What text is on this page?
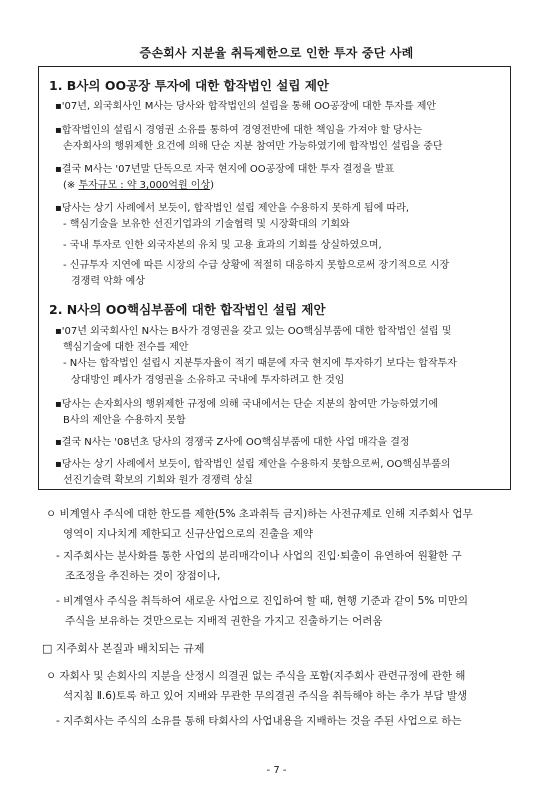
증손회사 지분율 취득제한으로 인한 투자 중단 사례
1. B사의 OO공장 투자에 대한 합작법인 설립 제안
▪'07년, 외국회사인 M사는 당사와 합작법인의 설립을 통해 OO공장에 대한 투자를 제안
▪합작법인의 설립시 경영권 소유를 통하여 경영전반에 대한 책임을 가져야 할 당사는
손자회사의 행위제한 요건에 의해 단순 지분 참여만 가능하였기에 합작법인 설립을 중단
▪결국 M사는 '07년말 단독으로 자국 현지에 OO공장에 대한 투자 결정을 발표
(※ 투자규모 : 약 3,000억원 이상)
▪당사는 상기 사례에서 보듯이, 합작법인 설립 제안을 수용하지 못하게 됨에 따라,
- 핵심기술을 보유한 선진기업과의 기술협력 및 시장확대의 기회와
- 국내 투자로 인한 외국자본의 유치 및 고용 효과의 기회를 상실하였으며,
- 신규투자 지연에 따른 시장의 수급 상황에 적절히 대응하지 못함으로써 장기적으로 시장
경쟁력 악화 예상
2. N사의 OO핵심부품에 대한 합작법인 설립 제안
▪'07년 외국회사인 N사는 B사가 경영권을 갖고 있는 OO핵심부품에 대한 합작법인 설립 및
핵심기술에 대한 전수를 제안
- N사는 합작법인 설립시 지분투자율이 적기 때문에 자국 현지에 투자하기 보다는 합작투자
상대방인 폐사가 경영권을 소유하고 국내에 투자하려고 한 것임
▪당사는 손자회사의 행위제한 규정에 의해 국내에서는 단순 지분의 참여만 가능하였기에
B사의 제안을 수용하지 못함
▪결국 N사는 '08년초 당사의 경쟁국 Z사에 OO핵심부품에 대한 사업 매각을 결정
▪당사는 상기 사례에서 보듯이, 합작법인 설립 제안을 수용하지 못함으로써, OO핵심부품의
선진기술력 확보의 기회와 원가 경쟁력 상실
ㅇ 비계열사 주식에 대한 한도를 제한(5% 초과취득 금지)하는 사전규제로 인해 지주회사 업무
영역이 지나치게 제한되고 신규산업으로의 진출을 제약
- 지주회사는 분사화를 통한 사업의 분리매각이나 사업의 진입·퇴출이 유연하여 원활한 구
조조정을 추진하는 것이 장점이나,
- 비계열사 주식을 취득하여 새로운 사업으로 진입하여 할 때, 현행 기준과 같이 5% 미만의
주식을 보유하는 것만으로는 지배적 권한을 가지고 진출하기는 어려움
□ 지주회사 본질과 배치되는 규제
ㅇ 자회사 및 손회사의 지분을 산정시 의결권 없는 주식을 포함(지주회사 관련규정에 관한 해
석지침 Ⅱ.6)토록 하고 있어 지배와 무관한 무의결권 주식을 취득해야 하는 추가 부담 발생
- 지주회사는 주식의 소유를 통해 타회사의 사업내용을 지배하는 것을 주된 사업으로 하는
- 7 -
